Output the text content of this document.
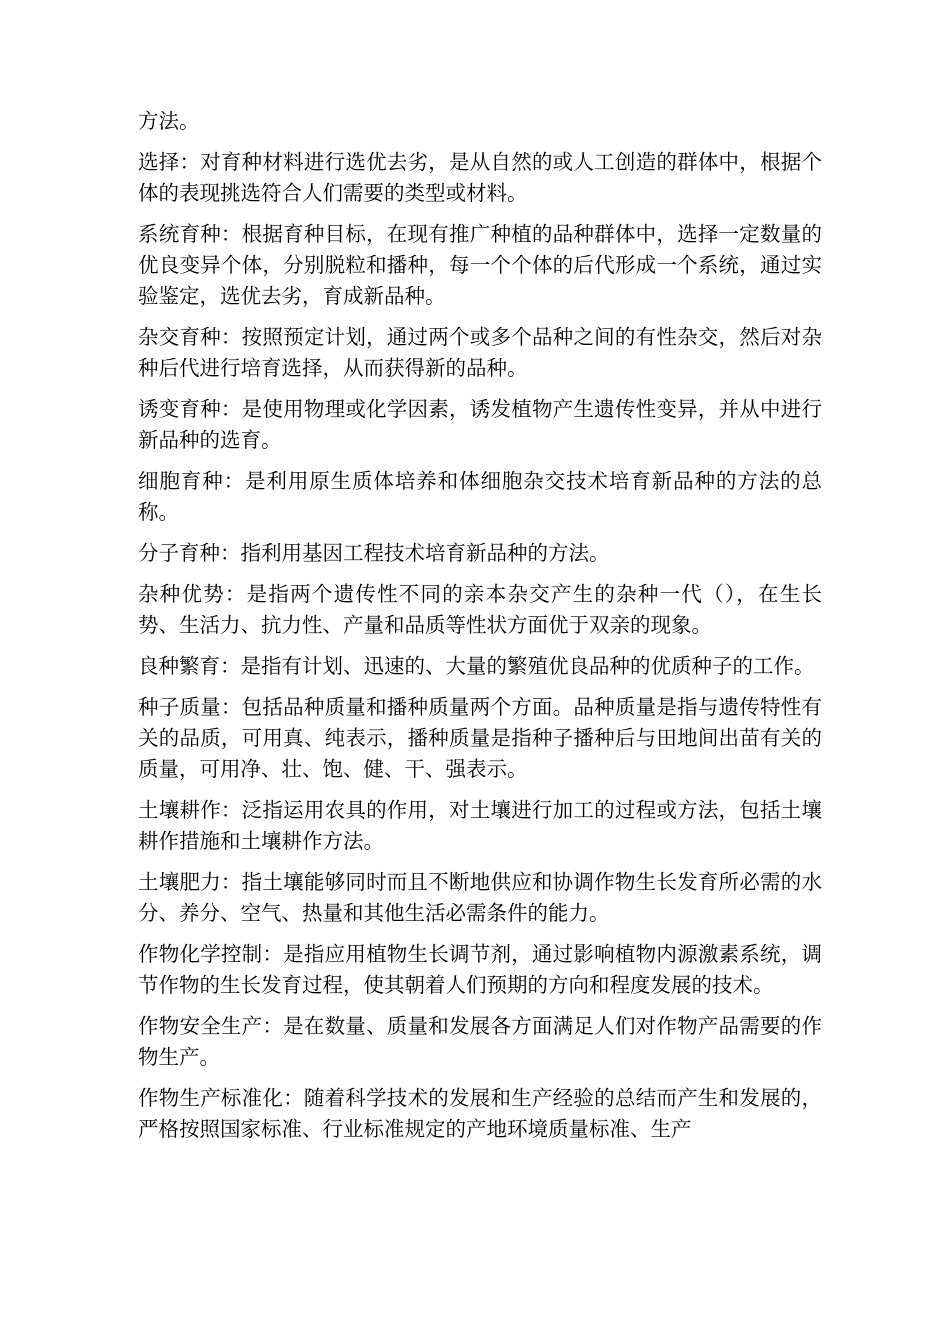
方法。

选择：对育种材料进行选优去劣，是从自然的或人工创造的群体中，根据个体的表现挑选符合人们需要的类型或材料。

系统育种：根据育种目标，在现有推广种植的品种群体中，选择一定数量的优良变异个体，分别脱粒和播种，每一个个体的后代形成一个系统，通过实验鉴定，选优去劣，育成新品种。

杂交育种：按照预定计划，通过两个或多个品种之间的有性杂交，然后对杂种后代进行培育选择，从而获得新的品种。

诱变育种：是使用物理或化学因素，诱发植物产生遗传性变异，并从中进行新品种的选育。

细胞育种：是利用原生质体培养和体细胞杂交技术培育新品种的方法的总称。

分子育种：指利用基因工程技术培育新品种的方法。

杂种优势：是指两个遗传性不同的亲本杂交产生的杂种一代（），在生长势、生活力、抗力性、产量和品质等性状方面优于双亲的现象。

良种繁育：是指有计划、迅速的、大量的繁殖优良品种的优质种子的工作。

种子质量：包括品种质量和播种质量两个方面。品种质量是指与遗传特性有关的品质，可用真、纯表示，播种质量是指种子播种后与田地间出苗有关的质量，可用净、壮、饱、健、干、强表示。

土壤耕作：泛指运用农具的作用，对土壤进行加工的过程或方法，包括土壤耕作措施和土壤耕作方法。

土壤肥力：指土壤能够同时而且不断地供应和协调作物生长发育所必需的水分、养分、空气、热量和其他生活必需条件的能力。

作物化学控制：是指应用植物生长调节剂，通过影响植物内源激素系统，调节作物的生长发育过程，使其朝着人们预期的方向和程度发展的技术。

作物安全生产：是在数量、质量和发展各方面满足人们对作物产品需要的作物生产。

作物生产标准化：随着科学技术的发展和生产经验的总结而产生和发展的，严格按照国家标准、行业标准规定的产地环境质量标准、生产
